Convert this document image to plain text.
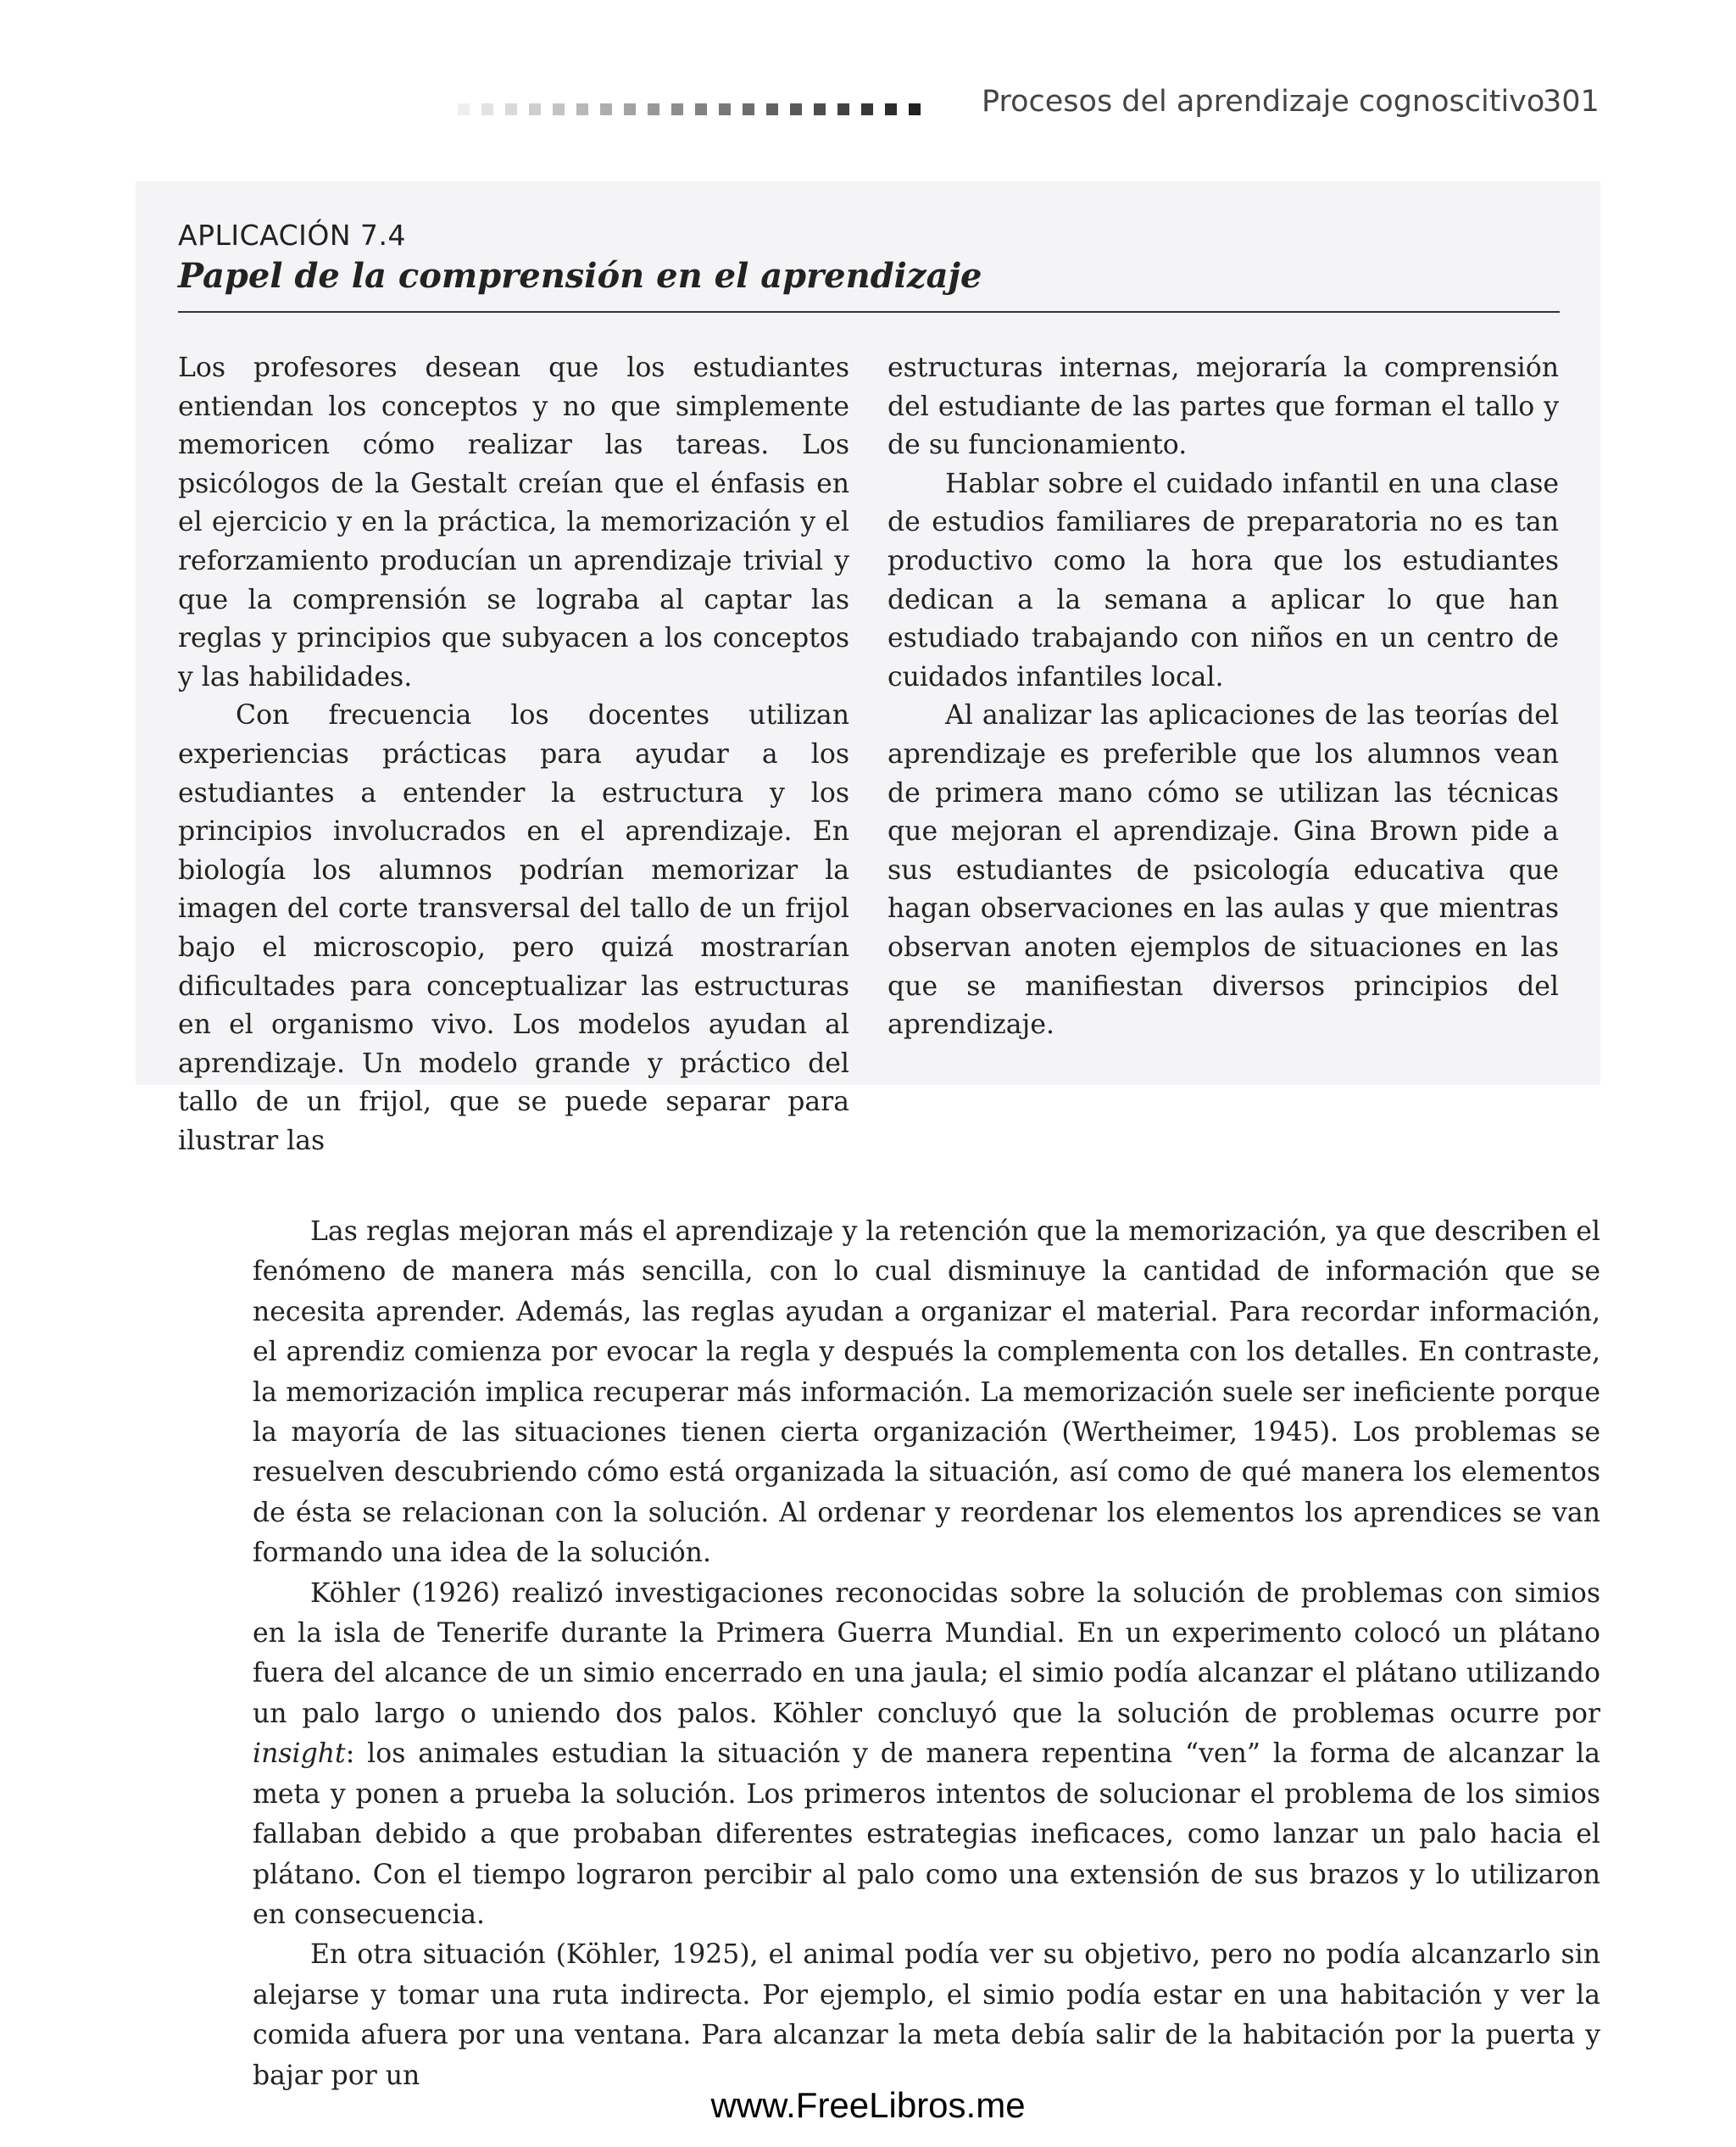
Procesos del aprendizaje cognoscitivo
301
APLICACIÓN 7.4
Papel de la comprensión en el aprendizaje

Los profesores desean que los estudiantes entiendan los conceptos y no que simplemente memoricen cómo realizar las tareas. Los psicólogos de la Gestalt creían que el énfasis en el ejercicio y en la práctica, la memorización y el reforzamiento producían un aprendizaje trivial y que la comprensión se lograba al captar las reglas y principios que subyacen a los conceptos y las habilidades.

Con frecuencia los docentes utilizan experiencias prácticas para ayudar a los estudiantes a entender la estructura y los principios involucrados en el aprendizaje. En biología los alumnos podrían memorizar la imagen del corte transversal del tallo de un frijol bajo el microscopio, pero quizá mostrarían dificultades para conceptualizar las estructuras en el organismo vivo. Los modelos ayudan al aprendizaje. Un modelo grande y práctico del tallo de un frijol, que se puede separar para ilustrar las

estructuras internas, mejoraría la comprensión del estudiante de las partes que forman el tallo y de su funcionamiento.

Hablar sobre el cuidado infantil en una clase de estudios familiares de preparatoria no es tan productivo como la hora que los estudiantes dedican a la semana a aplicar lo que han estudiado trabajando con niños en un centro de cuidados infantiles local.

Al analizar las aplicaciones de las teorías del aprendizaje es preferible que los alumnos vean de primera mano cómo se utilizan las técnicas que mejoran el aprendizaje. Gina Brown pide a sus estudiantes de psicología educativa que hagan observaciones en las aulas y que mientras observan anoten ejemplos de situaciones en las que se manifiestan diversos principios del aprendizaje.

Las reglas mejoran más el aprendizaje y la retención que la memorización, ya que describen el fenómeno de manera más sencilla, con lo cual disminuye la cantidad de información que se necesita aprender. Además, las reglas ayudan a organizar el material. Para recordar información, el aprendiz comienza por evocar la regla y después la complementa con los detalles. En contraste, la memorización implica recuperar más información. La memorización suele ser ineficiente porque la mayoría de las situaciones tienen cierta organización (Wertheimer, 1945). Los problemas se resuelven descubriendo cómo está organizada la situación, así como de qué manera los elementos de ésta se relacionan con la solución. Al ordenar y reordenar los elementos los aprendices se van formando una idea de la solución.

Köhler (1926) realizó investigaciones reconocidas sobre la solución de problemas con simios en la isla de Tenerife durante la Primera Guerra Mundial. En un experimento colocó un plátano fuera del alcance de un simio encerrado en una jaula; el simio podía alcanzar el plátano utilizando un palo largo o uniendo dos palos. Köhler concluyó que la solución de problemas ocurre por insight: los animales estudian la situación y de manera repentina “ven” la forma de alcanzar la meta y ponen a prueba la solución. Los primeros intentos de solucionar el problema de los simios fallaban debido a que probaban diferentes estrategias ineficaces, como lanzar un palo hacia el plátano. Con el tiempo lograron percibir al palo como una extensión de sus brazos y lo utilizaron en consecuencia.

En otra situación (Köhler, 1925), el animal podía ver su objetivo, pero no podía alcanzarlo sin alejarse y tomar una ruta indirecta. Por ejemplo, el simio podía estar en una habitación y ver la comida afuera por una ventana. Para alcanzar la meta debía salir de la habitación por la puerta y bajar por un

www.FreeLibros.me
